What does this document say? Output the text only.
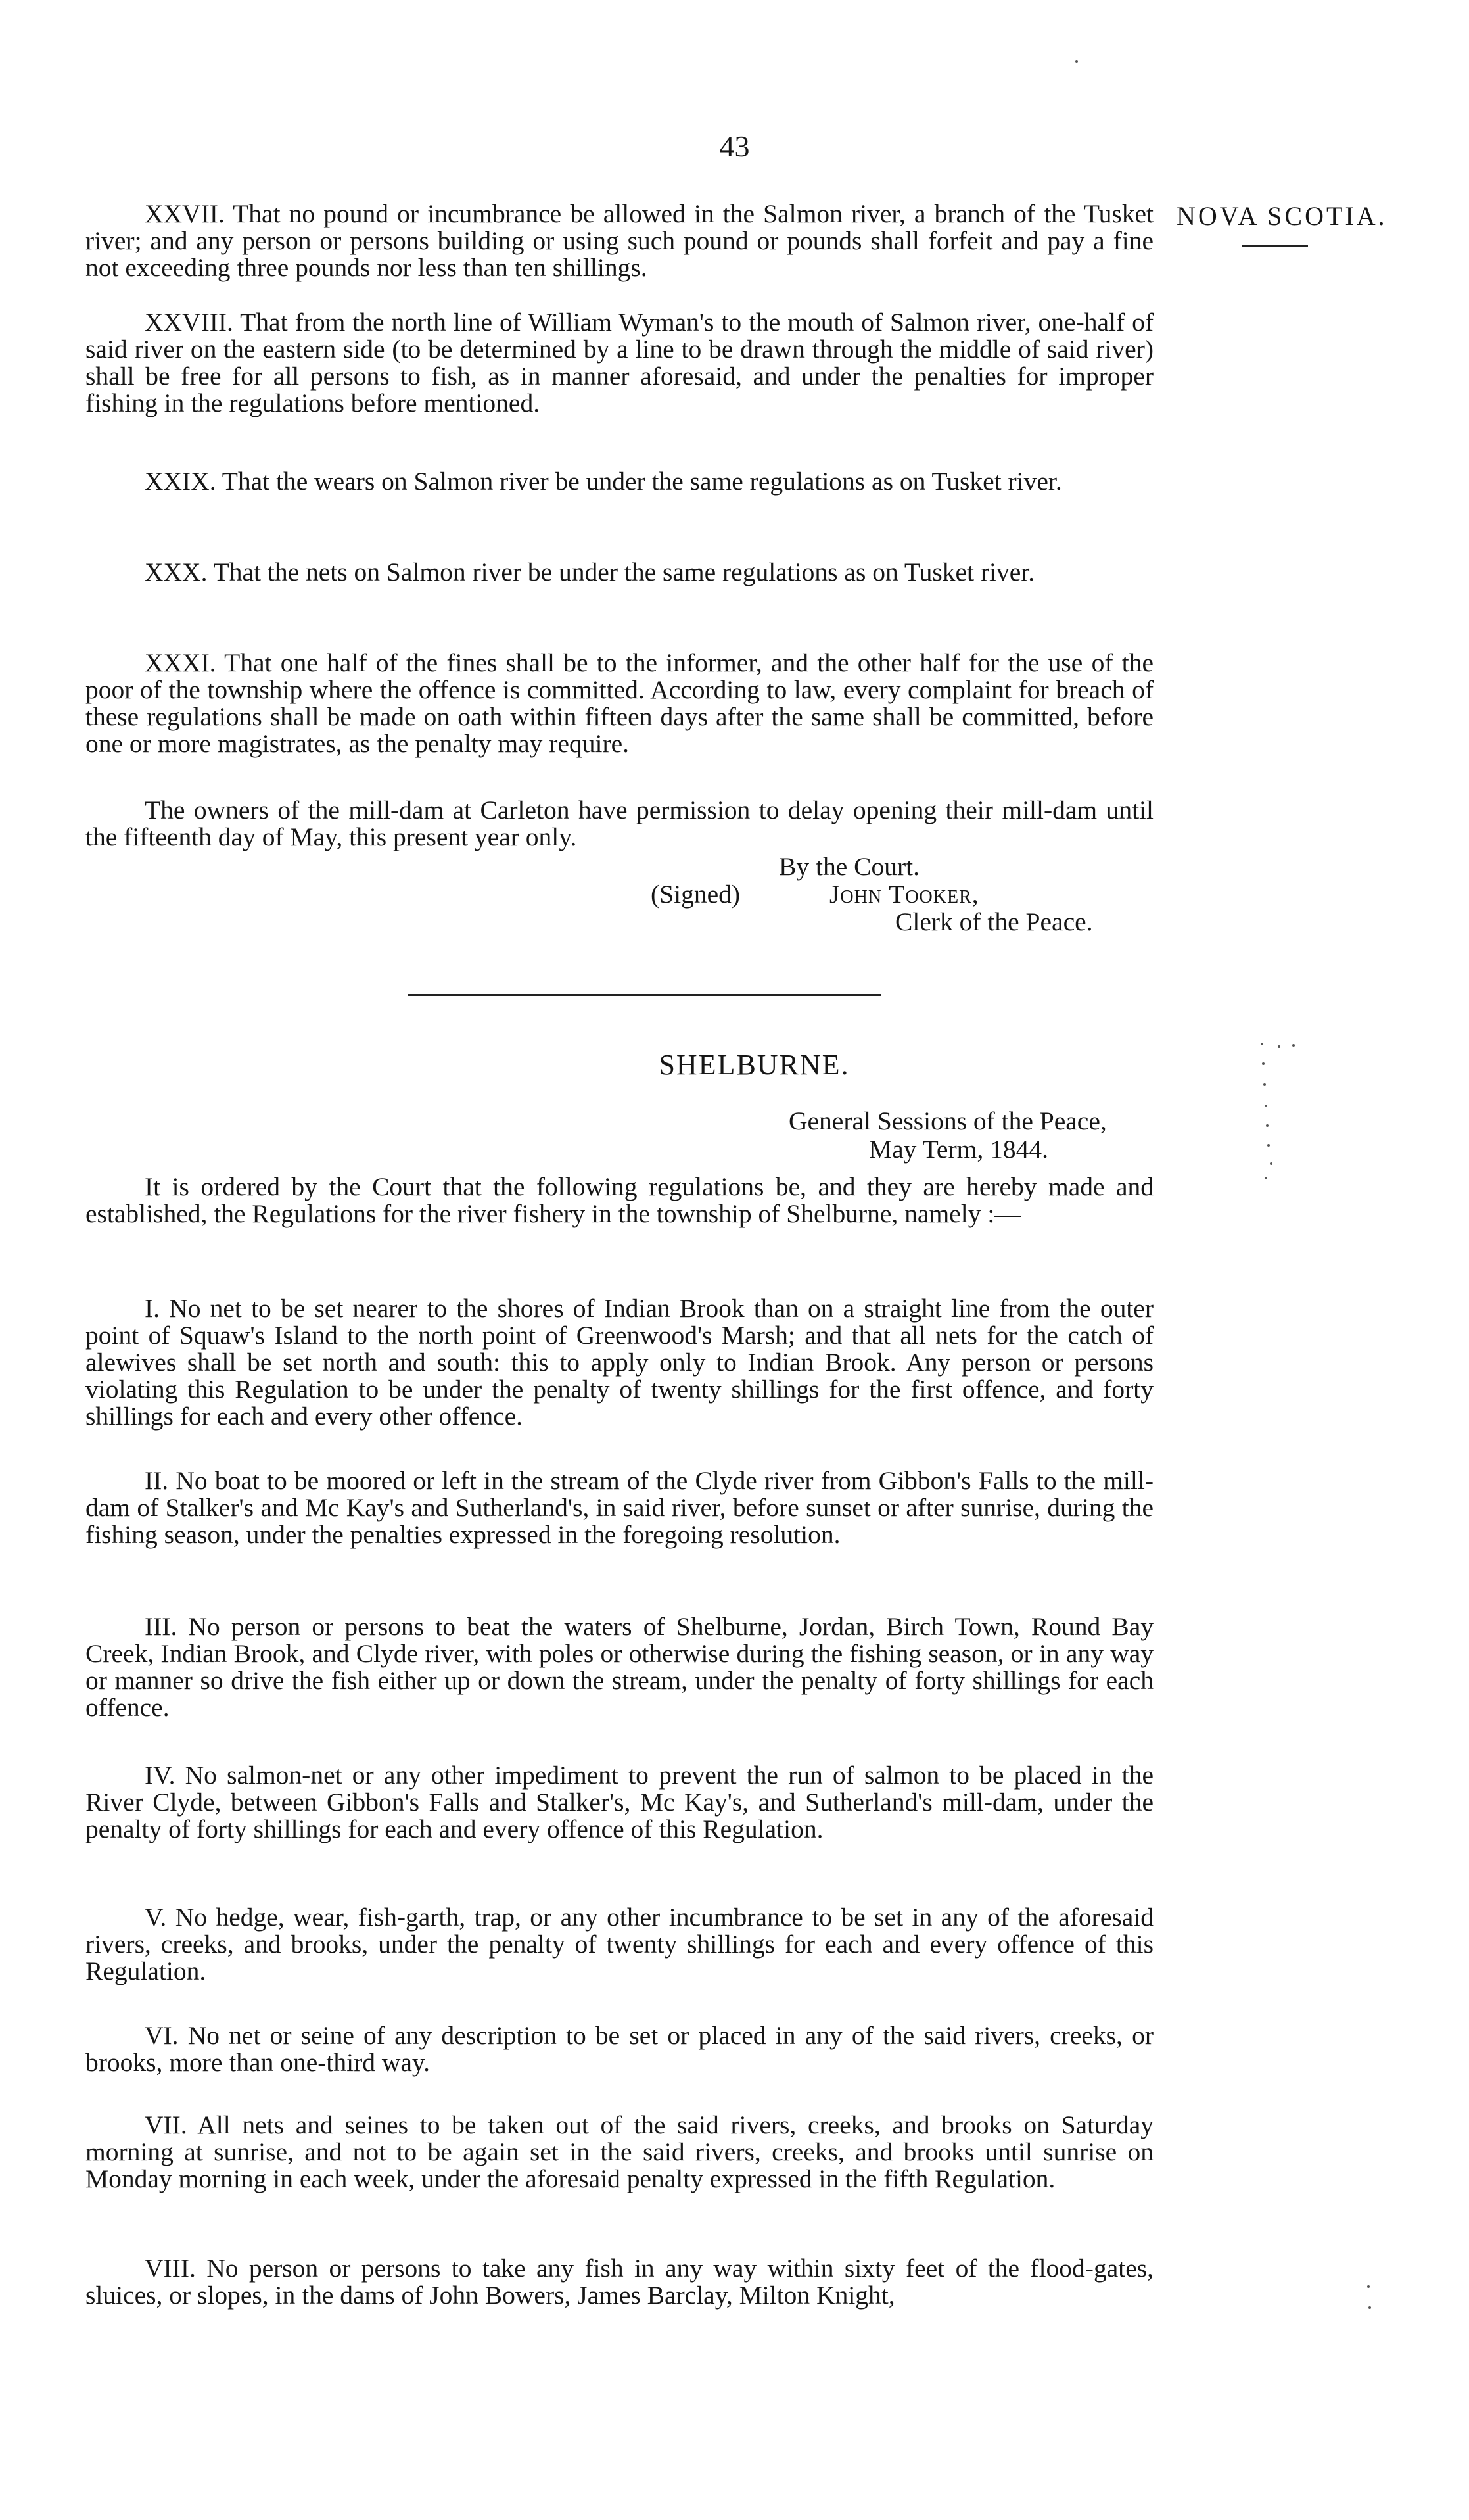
43
NOVA SCOTIA.

XXVII. That no pound or incumbrance be allowed in the Salmon river, a branch of the Tusket river; and any person or persons building or using such pound or pounds shall forfeit and pay a fine not exceeding three pounds nor less than ten shillings.

XXVIII. That from the north line of William Wyman's to the mouth of Salmon river, one-half of said river on the eastern side (to be determined by a line to be drawn through the middle of said river) shall be free for all persons to fish, as in manner aforesaid, and under the penalties for improper fishing in the regulations before mentioned.

XXIX. That the wears on Salmon river be under the same regulations as on Tusket river.

XXX. That the nets on Salmon river be under the same regulations as on Tusket river.

XXXI. That one half of the fines shall be to the informer, and the other half for the use of the poor of the township where the offence is committed. According to law, every complaint for breach of these regulations shall be made on oath within fifteen days after the same shall be committed, before one or more magistrates, as the penalty may require.

The owners of the mill-dam at Carleton have permission to delay opening their mill-dam until the fifteenth day of May, this present year only.

By the Court.

(Signed)	John Tooker,

Clerk of the Peace.

SHELBURNE.

General Sessions of the Peace,

May Term, 1844.

It is ordered by the Court that the following regulations be, and they are hereby made and established, the Regulations for the river fishery in the township of Shelburne, namely :—

I. No net to be set nearer to the shores of Indian Brook than on a straight line from the outer point of Squaw's Island to the north point of Greenwood's Marsh; and that all nets for the catch of alewives shall be set north and south: this to apply only to Indian Brook. Any person or persons violating this Regulation to be under the penalty of twenty shillings for the first offence, and forty shillings for each and every other offence.

II. No boat to be moored or left in the stream of the Clyde river from Gibbon's Falls to the mill-dam of Stalker's and Mc Kay's and Sutherland's, in said river, before sunset or after sunrise, during the fishing season, under the penalties expressed in the foregoing resolution.

III. No person or persons to beat the waters of Shelburne, Jordan, Birch Town, Round Bay Creek, Indian Brook, and Clyde river, with poles or otherwise during the fishing season, or in any way or manner so drive the fish either up or down the stream, under the penalty of forty shillings for each offence.

IV. No salmon-net or any other impediment to prevent the run of salmon to be placed in the River Clyde, between Gibbon's Falls and Stalker's, Mc Kay's, and Sutherland's mill-dam, under the penalty of forty shillings for each and every offence of this Regulation.

V. No hedge, wear, fish-garth, trap, or any other incumbrance to be set in any of the aforesaid rivers, creeks, and brooks, under the penalty of twenty shillings for each and every offence of this Regulation.

VI. No net or seine of any description to be set or placed in any of the said rivers, creeks, or brooks, more than one-third way.

VII. All nets and seines to be taken out of the said rivers, creeks, and brooks on Saturday morning at sunrise, and not to be again set in the said rivers, creeks, and brooks until sunrise on Monday morning in each week, under the aforesaid penalty expressed in the fifth Regulation.

VIII. No person or persons to take any fish in any way within sixty feet of the flood-gates, sluices, or slopes, in the dams of John Bowers, James Barclay, Milton Knight,
